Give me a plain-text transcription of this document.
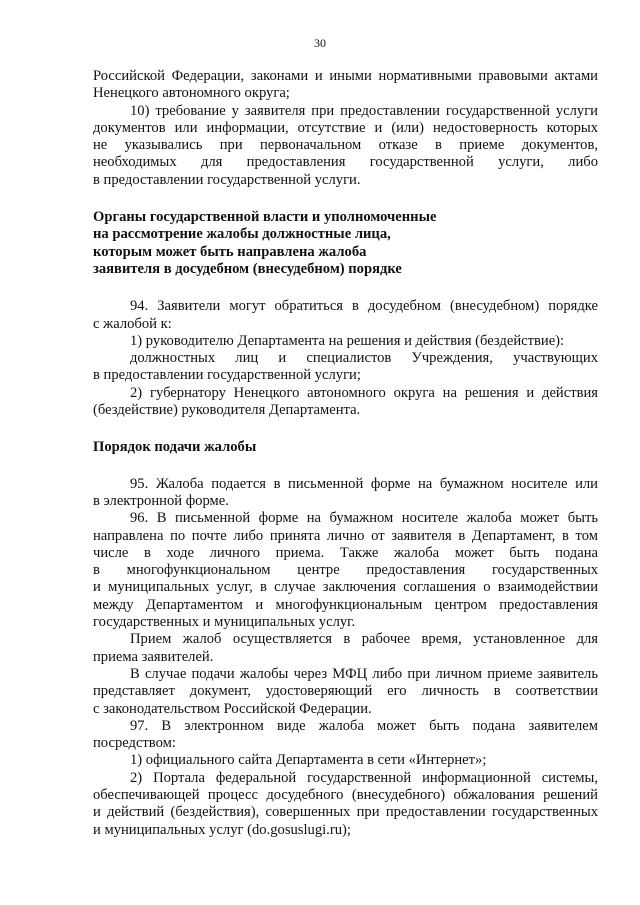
30

Российской Федерации, законами и иными нормативными правовыми актами
Ненецкого автономного округа;

10) требование у заявителя при предоставлении государственной услуги
документов или информации, отсутствие и (или) недостоверность которых
не указывались при первоначальном отказе в приеме документов,
необходимых для предоставления государственной услуги, либо
в предоставлении государственной услуги.

Органы государственной власти и уполномоченные

на рассмотрение жалобы должностные лица,

которым может быть направлена жалоба

заявителя в досудебном (внесудебном) порядке

94. Заявители могут обратиться в досудебном (внесудебном) порядке
с жалобой к:
1) руководителю Департамента на решения и действия (бездействие):
должностных лиц и специалистов Учреждения, участвующих
в предоставлении государственной услуги;
2) губернатору Ненецкого автономного округа на решения и действия
(бездействие) руководителя Департамента.

Порядок подачи жалобы

95. Жалоба подается в письменной форме на бумажном носителе или
в электронной форме.

96. В письменной форме на бумажном носителе жалоба может быть
направлена по почте либо принята лично от заявителя в Департамент, в том
числе в ходе личного приема. Также жалоба может быть подана
в многофункциональном центре предоставления государственных
и муниципальных услуг, в случае заключения соглашения о взаимодействии
между Департаментом и многофункциональным центром предоставления
государственных и муниципальных услуг.

Прием жалоб осуществляется в рабочее время, установленное для
приема заявителей.

В случае подачи жалобы через МФЦ либо при личном приеме заявитель
представляет документ, удостоверяющий его личность в соответствии
с законодательством Российской Федерации.

97. В электронном виде жалоба может быть подана заявителем
посредством:
1) официального сайта Департамента в сети «Интернет»;
2) Портала федеральной государственной информационной системы,
обеспечивающей процесс досудебного (внесудебного) обжалования решений
и действий (бездействия), совершенных при предоставлении государственных
и муниципальных услуг (do.gosuslugi.ru);
